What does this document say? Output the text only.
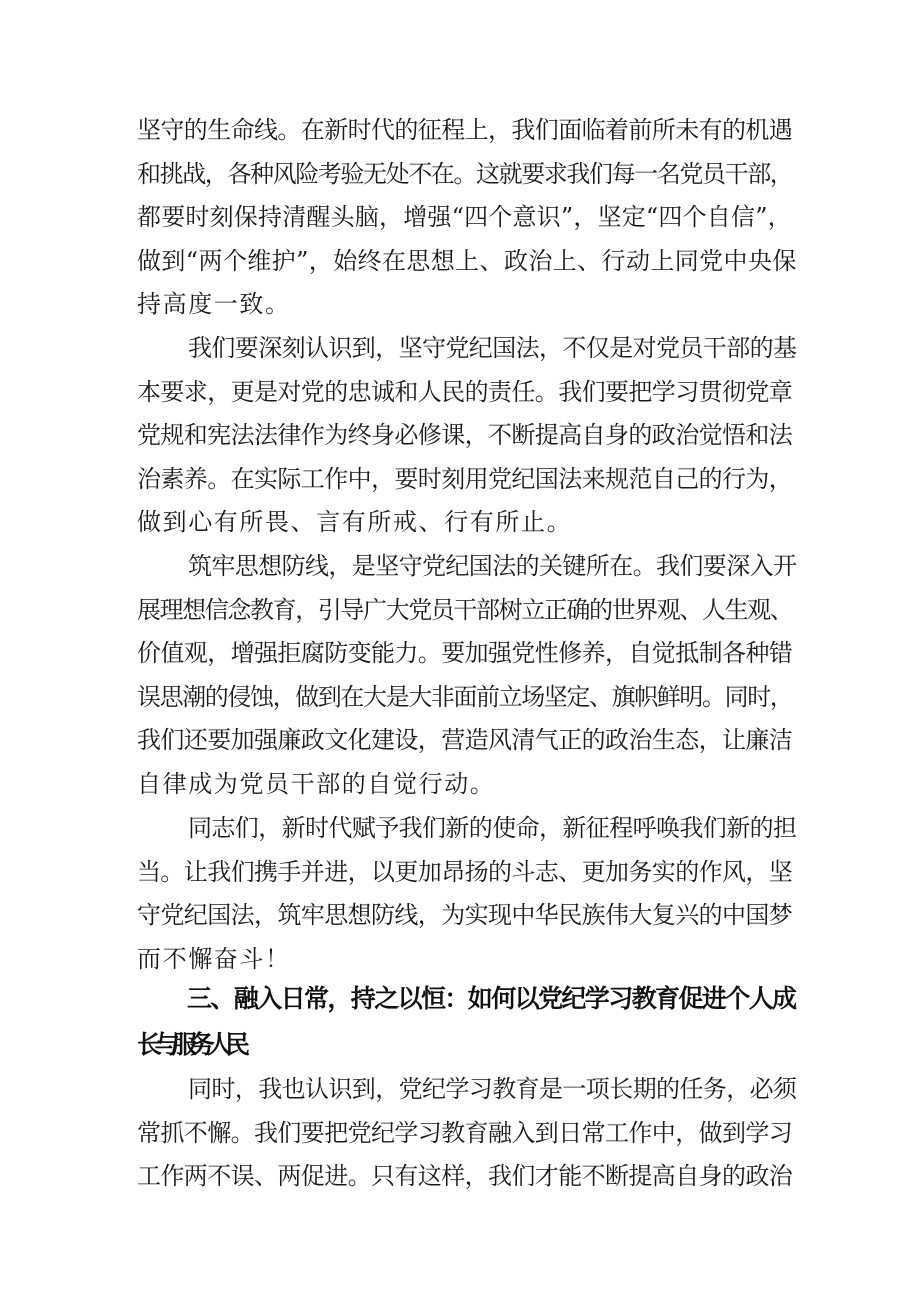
坚守的生命线。在新时代的征程上，我们面临着前所未有的机遇
和挑战，各种风险考验无处不在。这就要求我们每一名党员干部，
都要时刻保持清醒头脑，增强“四个意识”，坚定“四个自信”，
做到“两个维护”，始终在思想上、政治上、行动上同党中央保
持高度一致。

我们要深刻认识到，坚守党纪国法，不仅是对党员干部的基
本要求，更是对党的忠诚和人民的责任。我们要把学习贯彻党章
党规和宪法法律作为终身必修课，不断提高自身的政治觉悟和法
治素养。在实际工作中，要时刻用党纪国法来规范自己的行为，
做到心有所畏、言有所戒、行有所止。

筑牢思想防线，是坚守党纪国法的关键所在。我们要深入开
展理想信念教育，引导广大党员干部树立正确的世界观、人生观、
价值观，增强拒腐防变能力。要加强党性修养，自觉抵制各种错
误思潮的侵蚀，做到在大是大非面前立场坚定、旗帜鲜明。同时，
我们还要加强廉政文化建设，营造风清气正的政治生态，让廉洁
自律成为党员干部的自觉行动。

同志们，新时代赋予我们新的使命，新征程呼唤我们新的担
当。让我们携手并进，以更加昂扬的斗志、更加务实的作风，坚
守党纪国法，筑牢思想防线，为实现中华民族伟大复兴的中国梦
而不懈奋斗！

三、融入日常，持之以恒：如何以党纪学习教育促进个人成
长与服务人民

同时，我也认识到，党纪学习教育是一项长期的任务，必须
常抓不懈。我们要把党纪学习教育融入到日常工作中，做到学习
工作两不误、两促进。只有这样，我们才能不断提高自身的政治
